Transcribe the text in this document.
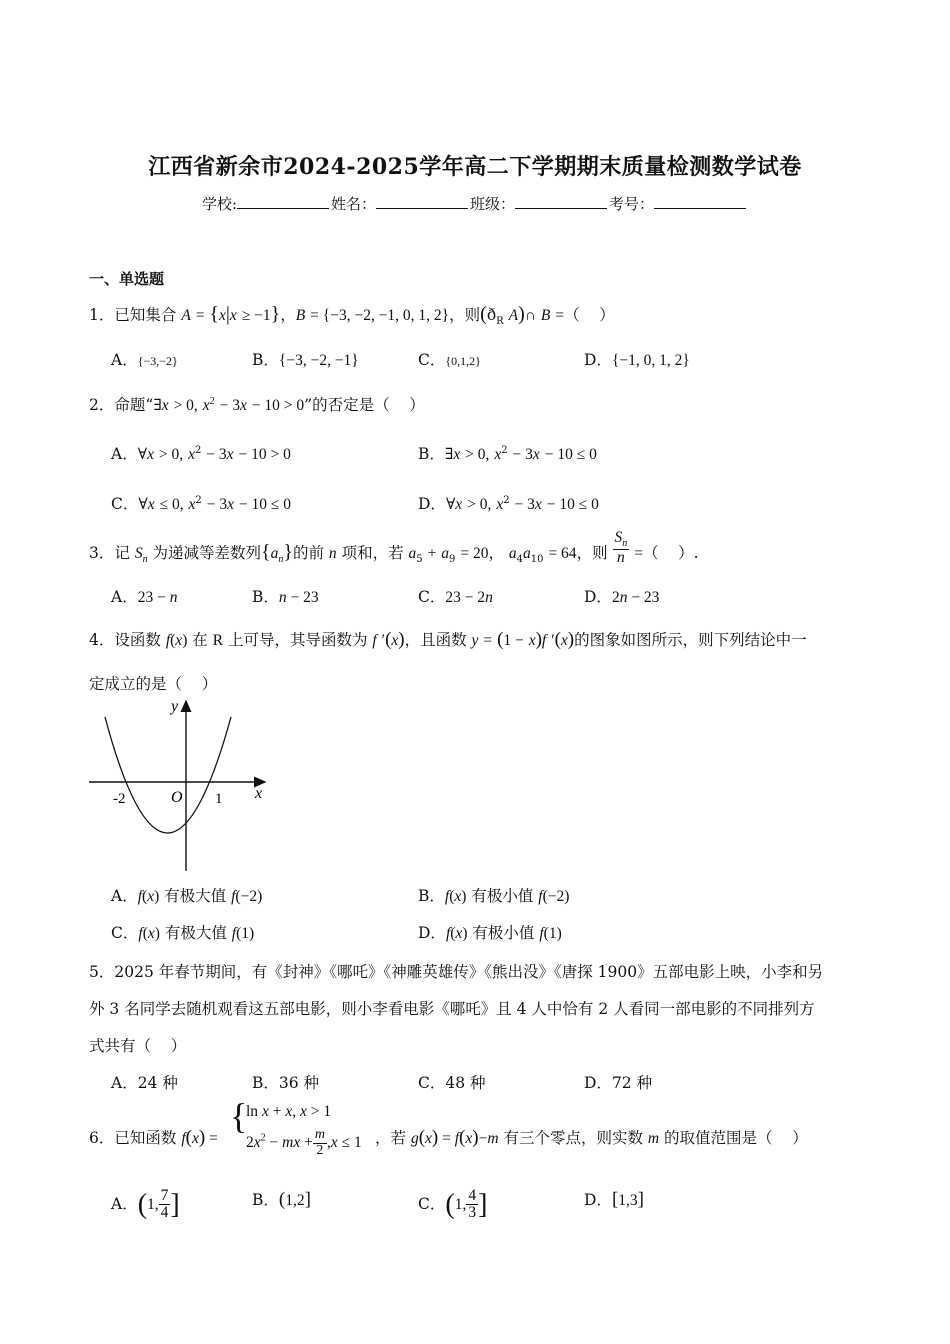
江西省新余市2024-2025学年高二下学期期末质量检测数学试卷
学校:	姓名：	班级：	考号：
一、单选题
1．已知集合 A = {x|x ≥ −1}，B = {−3, −2, −1, 0, 1, 2}，则($ð_R$ A)∩ B =（    ）
A．{−3,−2}	B．{−3, −2, −1}	C．{0,1,2}	D．{−1, 0, 1, 2}
2．命题“∃x > 0, $x^2 - 3x - 10 > 0$”的否定是（    ）
A．∀x > 0, $x^2 - 3x - 10 > 0$	B．∃x > 0, $x^2 - 3x - 10 \le 0$
C．∀x ≤ 0, $x^2 - 3x - 10 \le 0$	D．∀x > 0, $x^2 - 3x - 10 \le 0$
3．记 $S_n$ 为递减等差数列$\{a_n\}$的前 n 项和，若 $a_5 + a_9 = 20$， $a_4a_{10} = 64$，则 $\frac{S_n}{n}$ =（    ）.
A．23 − n	B．n − 23	C．23 − 2n	D．2n − 23
4．设函数 f(x) 在 R 上可导，其导函数为 f ′(x)，且函数 y = (1 − x)f ′(x)的图象如图所示，则下列结论中一
定成立的是（    ）
y
x
O
-2	1
A．f(x) 有极大值 f(−2)	B．f(x) 有极小值 f(−2)
C．f(x) 有极大值 f(1)	D．f(x) 有极小值 f(1)
5．2025 年春节期间，有《封神》《哪吒》《神雕英雄传》《熊出没》《唐探 1900》五部电影上映，小李和另
外 3 名同学去随机观看这五部电影，则小李看电影《哪吒》且 4 人中恰有 2 人看同一部电影的不同排列方
式共有（    ）
A．24 种	B．36 种	C．48 种	D．72 种
6．已知函数 f(x) =
{
ln x + x, x > 1
$2x^2$ − mx + $\frac{m}{2} ,x \le 1$ ，若 g(x) = f(x)−m 有三个零点，则实数 m 的取值范围是（    ）
A．(1, $\frac{7}{4}$ ]	B．(1,2]	C．(1, $\frac{4}{3}$ ]	D．[1,3]
